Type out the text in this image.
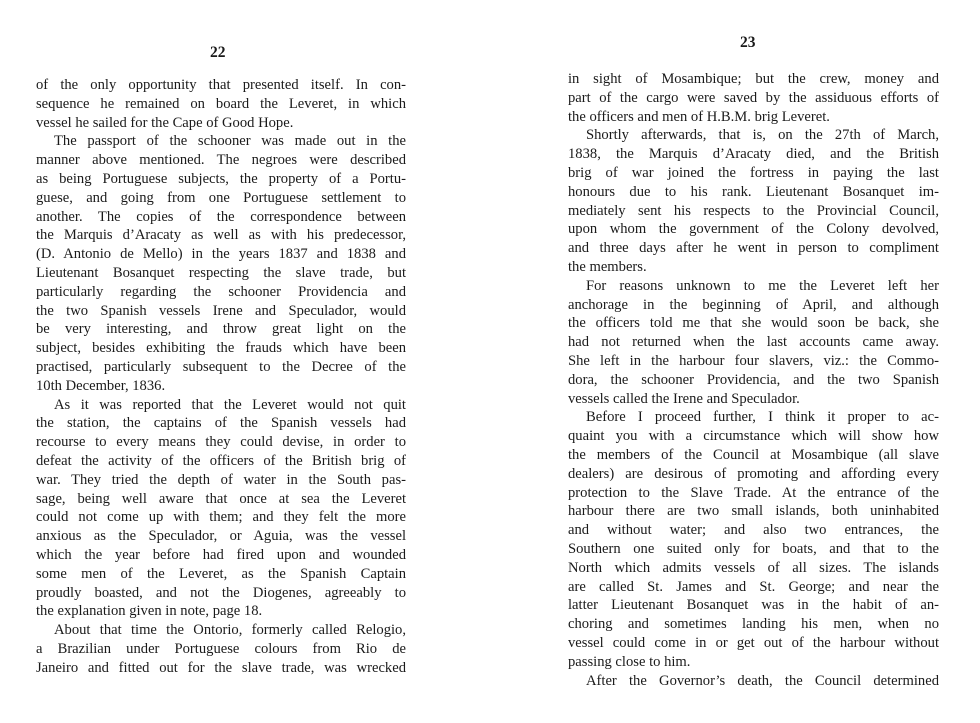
22
of the only opportunity that presented itself. In con-
sequence he remained on board the Leveret, in which
vessel he sailed for the Cape of Good Hope.
The passport of the schooner was made out in the
manner above mentioned. The negroes were described
as being Portuguese subjects, the property of a Portu-
guese, and going from one Portuguese settlement to
another. The copies of the correspondence between
the Marquis d’Aracaty as well as with his predecessor,
(D. Antonio de Mello) in the years 1837 and 1838 and
Lieutenant Bosanquet respecting the slave trade, but
particularly regarding the schooner Providencia and
the two Spanish vessels Irene and Speculador, would
be very interesting, and throw great light on the
subject, besides exhibiting the frauds which have been
practised, particularly subsequent to the Decree of the
10th December, 1836.
As it was reported that the Leveret would not quit
the station, the captains of the Spanish vessels had
recourse to every means they could devise, in order to
defeat the activity of the officers of the British brig of
war. They tried the depth of water in the South pas-
sage, being well aware that once at sea the Leveret
could not come up with them; and they felt the more
anxious as the Speculador, or Aguia, was the vessel
which the year before had fired upon and wounded
some men of the Leveret, as the Spanish Captain
proudly boasted, and not the Diogenes, agreeably to
the explanation given in note, page 18.
About that time the Ontorio, formerly called Relogio,
a Brazilian under Portuguese colours from Rio de
Janeiro and fitted out for the slave trade, was wrecked
23
in sight of Mosambique; but the crew, money and
part of the cargo were saved by the assiduous efforts of
the officers and men of H.B.M. brig Leveret.
Shortly afterwards, that is, on the 27th of March,
1838, the Marquis d’Aracaty died, and the British
brig of war joined the fortress in paying the last
honours due to his rank. Lieutenant Bosanquet im-
mediately sent his respects to the Provincial Council,
upon whom the government of the Colony devolved,
and three days after he went in person to compliment
the members.
For reasons unknown to me the Leveret left her
anchorage in the beginning of April, and although
the officers told me that she would soon be back, she
had not returned when the last accounts came away.
She left in the harbour four slavers, viz.: the Commo-
dora, the schooner Providencia, and the two Spanish
vessels called the Irene and Speculador.
Before I proceed further, I think it proper to ac-
quaint you with a circumstance which will show how
the members of the Council at Mosambique (all slave
dealers) are desirous of promoting and affording every
protection to the Slave Trade. At the entrance of the
harbour there are two small islands, both uninhabited
and without water; and also two entrances, the
Southern one suited only for boats, and that to the
North which admits vessels of all sizes. The islands
are called St. James and St. George; and near the
latter Lieutenant Bosanquet was in the habit of an-
choring and sometimes landing his men, when no
vessel could come in or get out of the harbour without
passing close to him.
After the Governor’s death, the Council determined
